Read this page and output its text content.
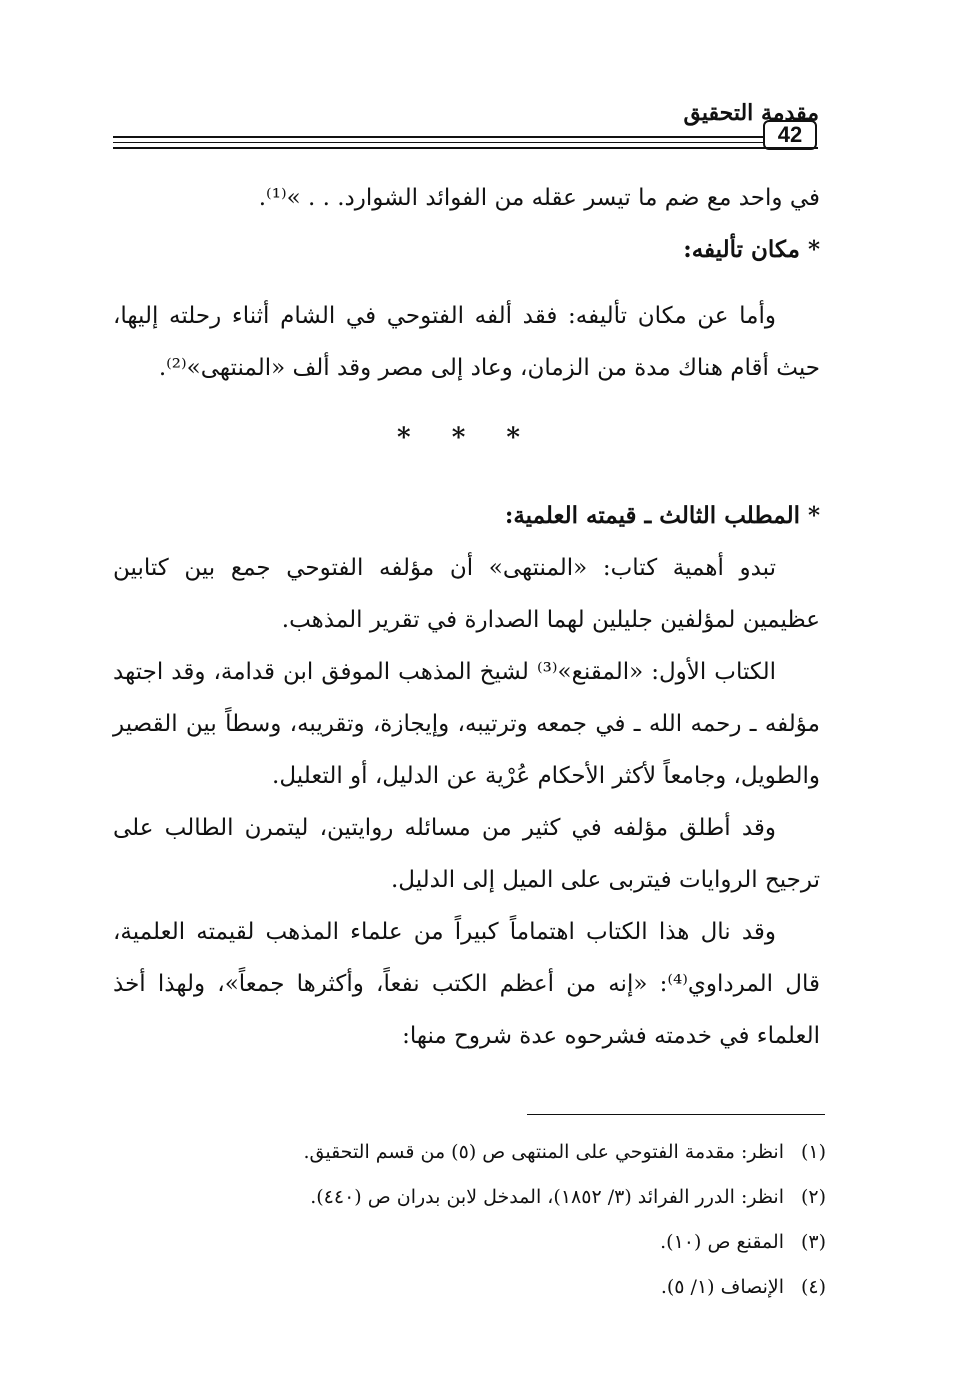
مقدمة التحقيق
42

في واحد مع ضم ما تيسر عقله من الفوائد الشوارد. . . »⁽¹⁾.

* مكان تأليفه:

وأما عن مكان تأليفه: فقد ألفه الفتوحي في الشام أثناء رحلته إليها، حيث أقام هناك مدة من الزمان، وعاد إلى مصر وقد ألف «المنتهى»⁽²⁾.

* * *

* المطلب الثالث ـ قيمته العلمية:

تبدو أهمية كتاب: «المنتهى» أن مؤلفه الفتوحي جمع بين كتابين عظيمين لمؤلفين جليلين لهما الصدارة في تقرير المذهب.

الكتاب الأول: «المقنع»⁽³⁾ لشيخ المذهب الموفق ابن قدامة، وقد اجتهد مؤلفه ـ رحمه الله ـ في جمعه وترتيبه، وإيجازة، وتقريبه، وسطاً بين القصير والطويل، وجامعاً لأكثر الأحكام عُرْية عن الدليل، أو التعليل.

وقد أطلق مؤلفه في كثير من مسائله روايتين، ليتمرن الطالب على ترجيح الروايات فيتربى على الميل إلى الدليل.

وقد نال هذا الكتاب اهتماماً كبيراً من علماء المذهب لقيمته العلمية، قال المرداوي⁽⁴⁾: «إنه من أعظم الكتب نفعاً، وأكثرها جمعاً»، ولهذا أخذ العلماء في خدمته فشرحوه عدة شروح منها:

(١)انظر: مقدمة الفتوحي على المنتهى ص (٥) من قسم التحقيق.
(٢)انظر: الدرر الفرائد (٣/ ١٨٥٢)، المدخل لابن بدران ص (٤٤٠).
(٣)المقنع ص (١٠).
(٤)الإنصاف (١/ ٥).
